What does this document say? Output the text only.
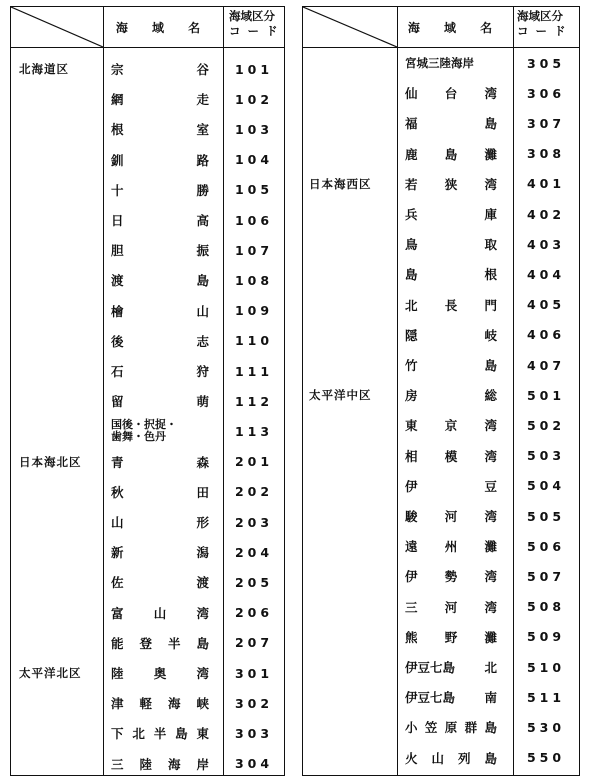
海 域 名
海域区分
コード
北海道区	宗	谷	101
網	走	102
根	室	103
釧	路	104
十	勝	105
日	高	106
胆	振	107
渡	島	108
檜	山	109
後	志	110
石	狩	111
留	萌	112
国後・択捉・
歯舞・色丹	113
日本海北区	青	森	201
秋	田	202
山	形	203
新	潟	204
佐	渡	205
富 山 湾	206
能 登 半 島	207
太平洋北区	陸 奥 湾	301
津 軽 海 峡	302
下 北 半 島 東	303
三 陸 海 岸	304
海 域 名
海域区分
コード
宮城三陸海岸	305
仙 台 湾	306
福	島	307
鹿 島 灘	308
日本海西区	若 狭 湾	401
兵	庫	402
鳥	取	403
島	根	404
北 長 門	405
隠	岐	406
竹	島	407
太平洋中区	房	総	501
東 京 湾	502
相 模 湾	503
伊	豆	504
駿 河 湾	505
遠 州 灘	506
伊 勢 湾	507
三 河 湾	508
熊 野 灘	509
伊豆七島 北	510
伊豆七島 南	511
小 笠 原 群 島	530
火 山 列 島	550
